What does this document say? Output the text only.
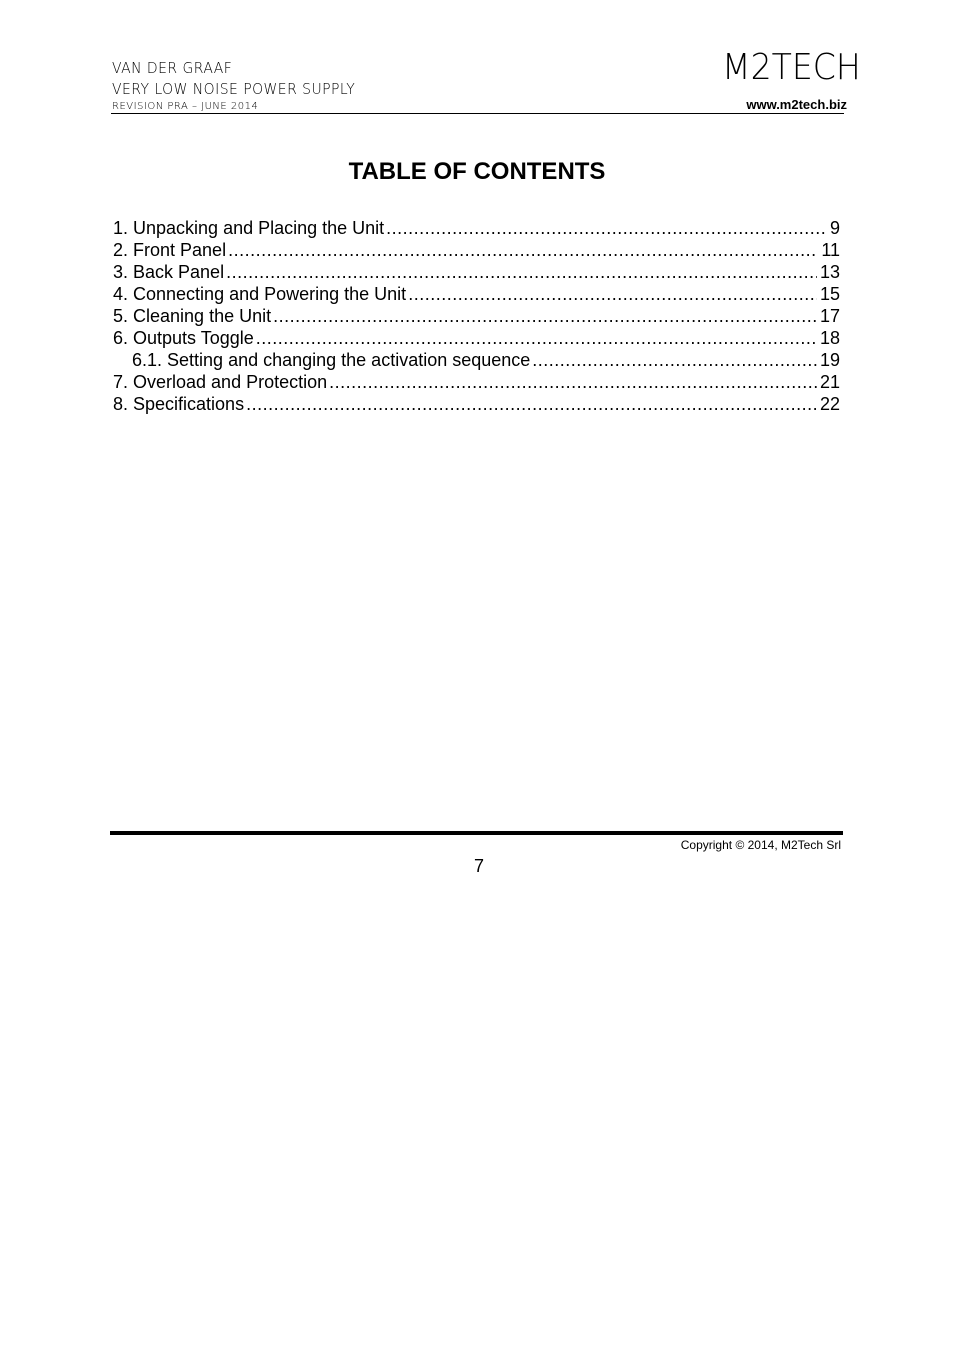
VAN DER GRAAF
VERY LOW NOISE POWER SUPPLY
REVISION PRA – JUNE 2014
M2TECH
www.m2tech.biz
TABLE OF CONTENTS
1. Unpacking and Placing the Unit .....	9
2. Front Panel .....	11
3. Back Panel .....	13
4. Connecting and Powering the Unit .....	15
5. Cleaning the Unit .....	17
6. Outputs Toggle .....	18
6.1. Setting and changing the activation sequence .....	19
7. Overload and Protection .....	21
8. Specifications .....	22
Copyright © 2014, M2Tech Srl
7
